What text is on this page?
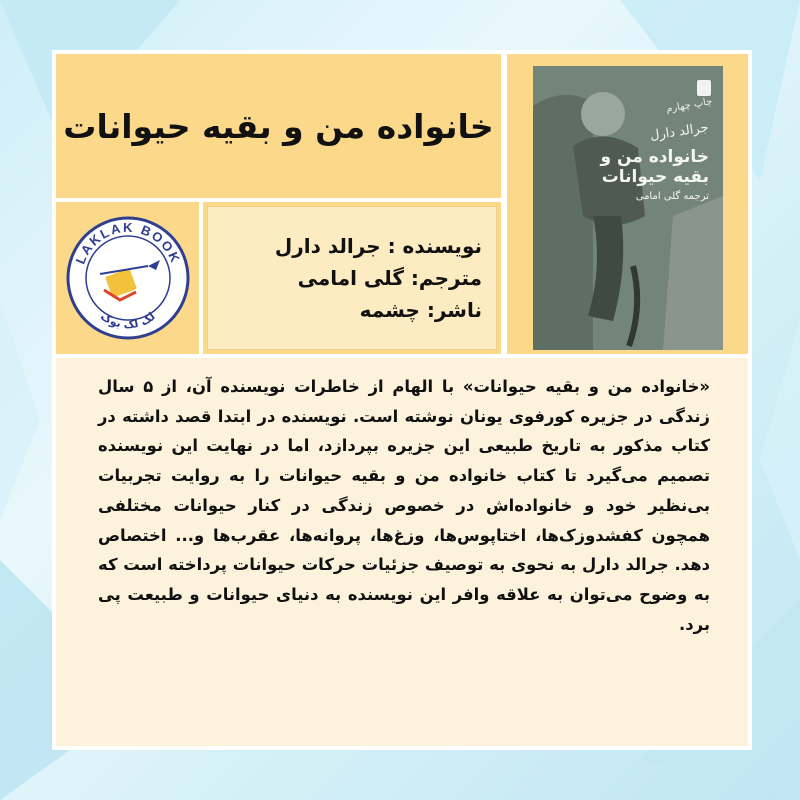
خانواده من و بقیه حیوانات
چاپ چهارم
جرالد دارل
خانواده من و بقیه حیوانات
ترجمه گلی امامی
LAKLAK BOOK
لک لک بوک
نویسنده : جرالد دارل
مترجم: گلی امامی
ناشر: چشمه
«خانواده من و بقیه حیوانات» با الهام از خاطرات نویسنده آن، از ۵ سال زندگی در جزیره کورفوی یونان نوشته است. نویسنده در ابتدا قصد داشته در کتاب مذکور به تاریخ طبیعی این جزیره بپردازد، اما در نهایت این نویسنده تصمیم می‌گیرد تا کتاب خانواده من و بقیه حیوانات را به روایت تجربیات بی‌نظیر خود و خانواده‌اش در خصوص زندگی در کنار حیوانات مختلفی همچون کفشدوزک‌ها، اختاپوس‌ها، وزغ‌ها، پروانه‌ها، عقرب‌ها و... اختصاص دهد. جرالد دارل به نحوی به توصیف جزئیات حرکات حیوانات پرداخته است که به وضوح می‌توان به علاقه وافر این نویسنده به دنیای حیوانات و طبیعت پی برد.
